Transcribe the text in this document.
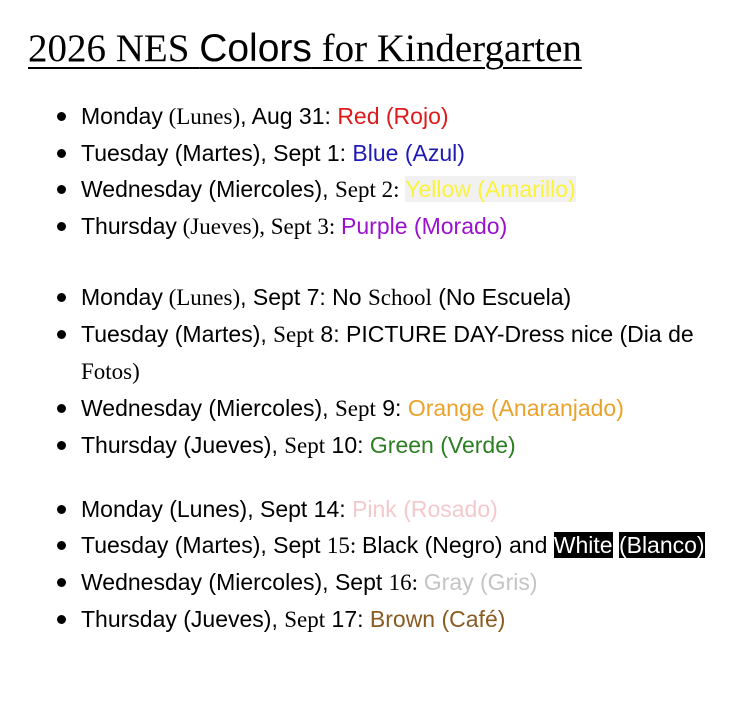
2026 NES Colors for Kindergarten
Monday (Lunes), Aug 31: Red (Rojo)
Tuesday (Martes), Sept 1: Blue (Azul)
Wednesday (Miercoles), Sept 2: Yellow (Amarillo)
Thursday (Jueves), Sept 3: Purple (Morado)
Monday (Lunes), Sept 7: No School (No Escuela)
Tuesday (Martes), Sept 8: PICTURE DAY-Dress nice (Dia de Fotos)
Wednesday (Miercoles), Sept 9: Orange (Anaranjado)
Thursday (Jueves), Sept 10: Green (Verde)
Monday (Lunes), Sept 14: Pink (Rosado)
Tuesday (Martes), Sept 15: Black (Negro) and White (Blanco)
Wednesday (Miercoles), Sept 16: Gray (Gris)
Thursday (Jueves), Sept 17: Brown (Café)
